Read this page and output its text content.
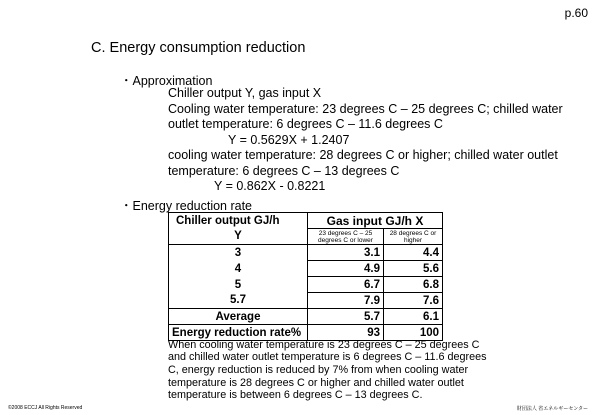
p.60
C. Energy consumption reduction
・Approximation
Chiller output Y, gas input X
Cooling water temperature: 23 degrees C – 25 degrees C; chilled water
outlet temperature: 6 degrees C – 11.6 degrees C
Y = 0.5629X + 1.2407
cooling water temperature: 28 degrees C or higher; chilled water outlet
temperature: 6 degrees C – 13 degrees C
Y = 0.862X - 0.8221
・Energy reduction rate
Chiller output GJ/h	Gas input GJ/h X	
Y	23 degrees C – 25 degrees C or lower	28 degrees C or higher
3	3.1	4.4
4	4.9	5.6
5	6.7	6.8
5.7	7.9	7.6
Average	5.7	6.1
Energy reduction rate%	93	100
When cooling water temperature is 23 degrees C – 25 degrees C
and chilled water outlet temperature is 6 degrees C – 11.6 degrees
C, energy reduction is reduced by 7% from when cooling water
temperature is 28 degrees C or higher and chilled water outlet
temperature is between 6 degrees C – 13 degrees C.
©2008 ECCJ All Rights Reserved	財団法人 省エネルギーセンター
